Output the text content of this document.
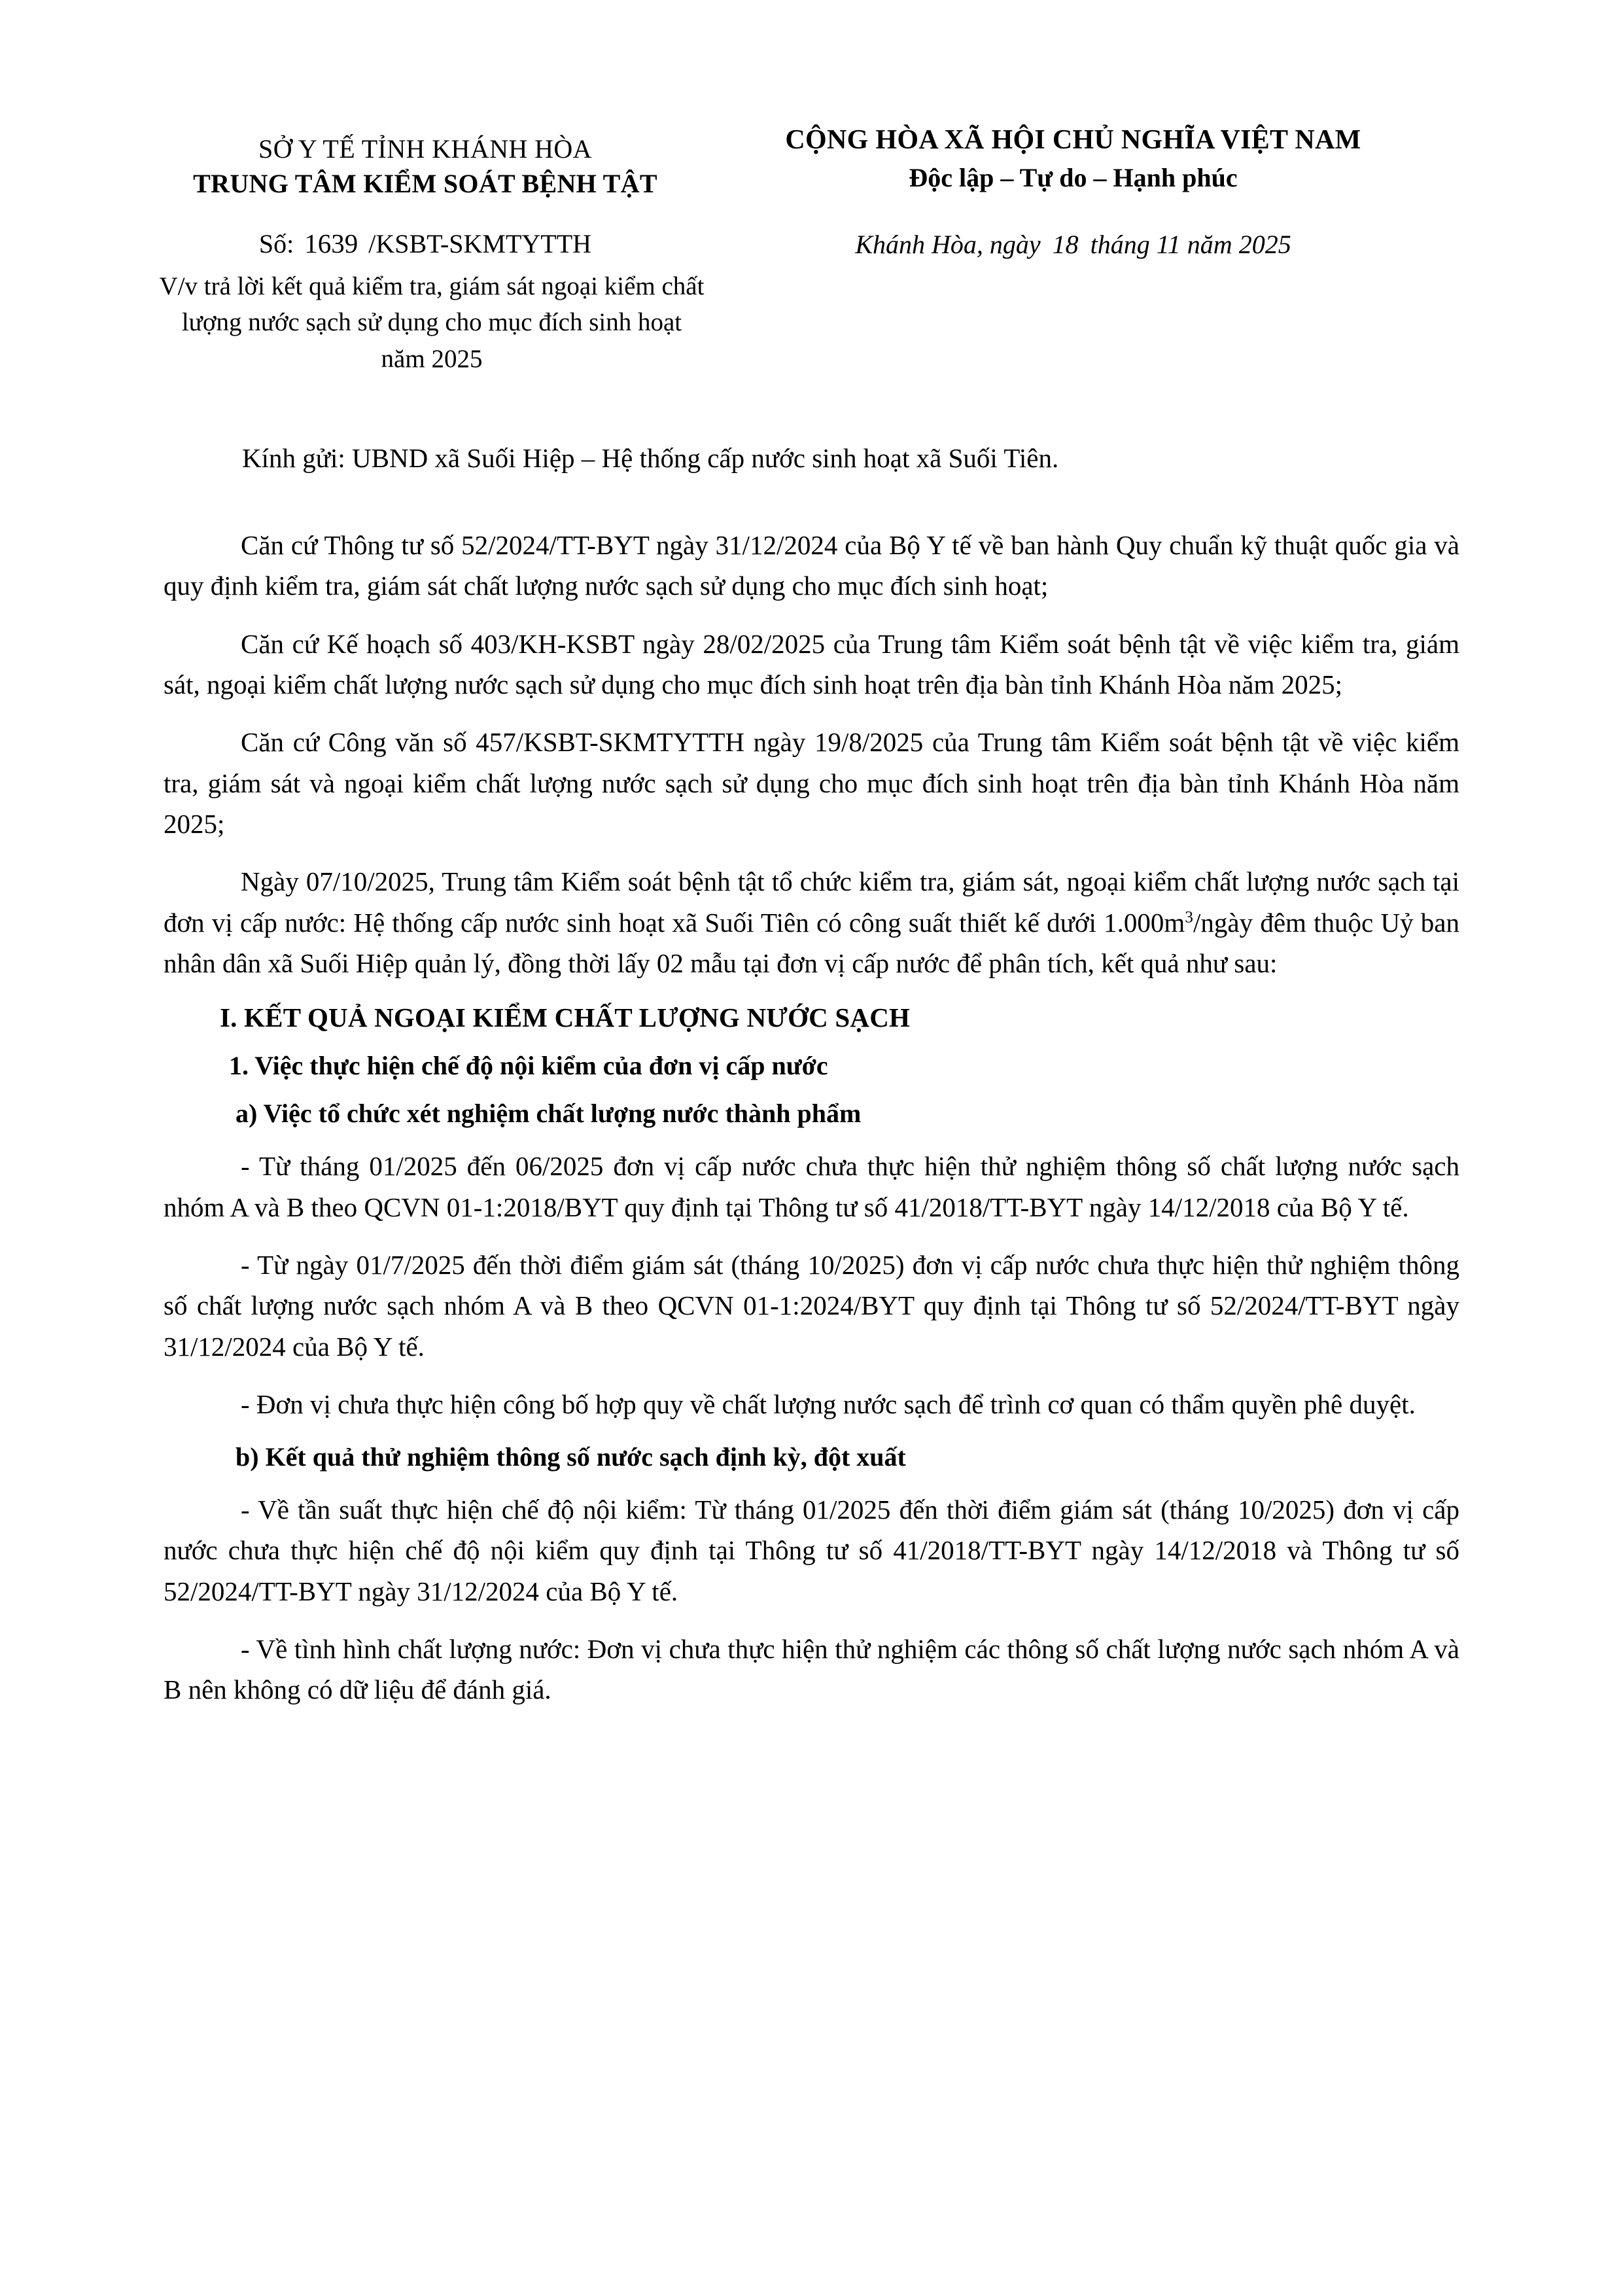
SỞ Y TẾ TỈNH KHÁNH HÒA
TRUNG TÂM KIỂM SOÁT BỆNH TẬT
CỘNG HÒA XÃ HỘI CHỦ NGHĨA VIỆT NAM
Độc lập – Tự do – Hạnh phúc
Số: 1639 /KSBT-SKMTYTTH
V/v trả lời kết quả kiểm tra, giám sát ngoại kiểm chất lượng nước sạch sử dụng cho mục đích sinh hoạt năm 2025
Khánh Hòa, ngày 18 tháng 11 năm 2025
Kính gửi: UBND xã Suối Hiệp – Hệ thống cấp nước sinh hoạt xã Suối Tiên.
Căn cứ Thông tư số 52/2024/TT-BYT ngày 31/12/2024 của Bộ Y tế về ban hành Quy chuẩn kỹ thuật quốc gia và quy định kiểm tra, giám sát chất lượng nước sạch sử dụng cho mục đích sinh hoạt;
Căn cứ Kế hoạch số 403/KH-KSBT ngày 28/02/2025 của Trung tâm Kiểm soát bệnh tật về việc kiểm tra, giám sát, ngoại kiểm chất lượng nước sạch sử dụng cho mục đích sinh hoạt trên địa bàn tỉnh Khánh Hòa năm 2025;
Căn cứ Công văn số 457/KSBT-SKMTYTTH ngày 19/8/2025 của Trung tâm Kiểm soát bệnh tật về việc kiểm tra, giám sát và ngoại kiểm chất lượng nước sạch sử dụng cho mục đích sinh hoạt trên địa bàn tỉnh Khánh Hòa năm 2025;
Ngày 07/10/2025, Trung tâm Kiểm soát bệnh tật tổ chức kiểm tra, giám sát, ngoại kiểm chất lượng nước sạch tại đơn vị cấp nước: Hệ thống cấp nước sinh hoạt xã Suối Tiên có công suất thiết kế dưới $1.000m^3$/ngày đêm thuộc Uỷ ban nhân dân xã Suối Hiệp quản lý, đồng thời lấy 02 mẫu tại đơn vị cấp nước để phân tích, kết quả như sau:
I. KẾT QUẢ NGOẠI KIỂM CHẤT LƯỢNG NƯỚC SẠCH
1. Việc thực hiện chế độ nội kiểm của đơn vị cấp nước
a) Việc tổ chức xét nghiệm chất lượng nước thành phẩm
- Từ tháng 01/2025 đến 06/2025 đơn vị cấp nước chưa thực hiện thử nghiệm thông số chất lượng nước sạch nhóm A và B theo QCVN 01-1:2018/BYT quy định tại Thông tư số 41/2018/TT-BYT ngày 14/12/2018 của Bộ Y tế.
- Từ ngày 01/7/2025 đến thời điểm giám sát (tháng 10/2025) đơn vị cấp nước chưa thực hiện thử nghiệm thông số chất lượng nước sạch nhóm A và B theo QCVN 01-1:2024/BYT quy định tại Thông tư số 52/2024/TT-BYT ngày 31/12/2024 của Bộ Y tế.
- Đơn vị chưa thực hiện công bố hợp quy về chất lượng nước sạch để trình cơ quan có thẩm quyền phê duyệt.
b) Kết quả thử nghiệm thông số nước sạch định kỳ, đột xuất
- Về tần suất thực hiện chế độ nội kiểm: Từ tháng 01/2025 đến thời điểm giám sát (tháng 10/2025) đơn vị cấp nước chưa thực hiện chế độ nội kiểm quy định tại Thông tư số 41/2018/TT-BYT ngày 14/12/2018 và Thông tư số 52/2024/TT-BYT ngày 31/12/2024 của Bộ Y tế.
- Về tình hình chất lượng nước: Đơn vị chưa thực hiện thử nghiệm các thông số chất lượng nước sạch nhóm A và B nên không có dữ liệu để đánh giá.
